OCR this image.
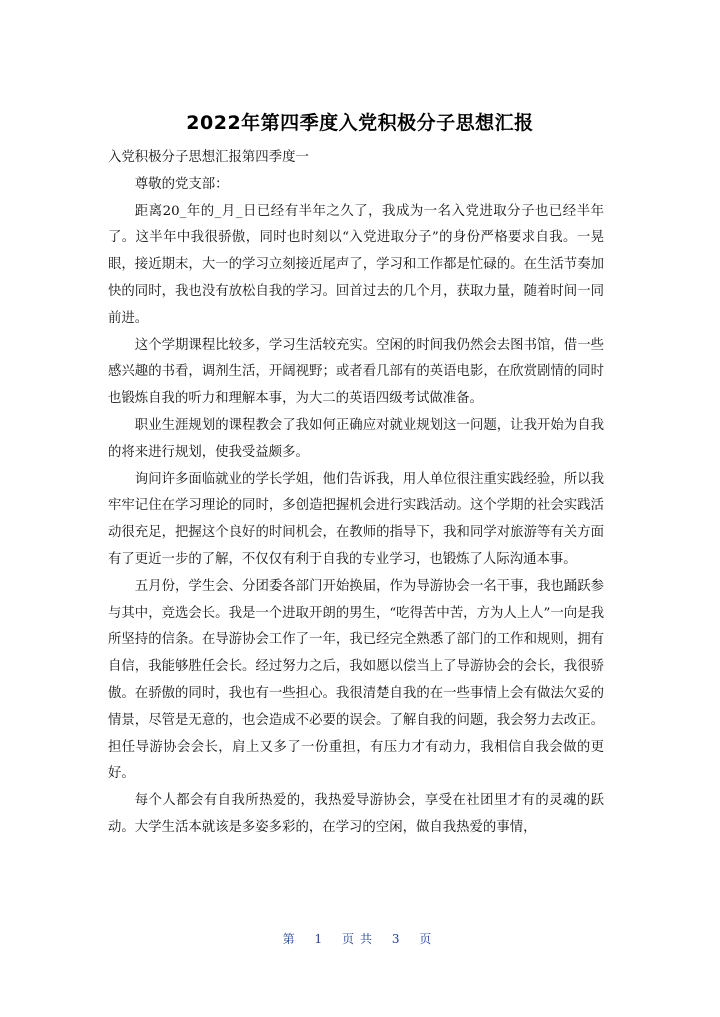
2022年第四季度入党积极分子思想汇报

入党积极分子思想汇报第四季度一

尊敬的党支部：

距离20_年的_月_日已经有半年之久了，我成为一名入党进取分子也已经半年了。这半年中我很骄傲，同时也时刻以“入党进取分子”的身份严格要求自我。一晃眼，接近期末，大一的学习立刻接近尾声了，学习和工作都是忙碌的。在生活节奏加快的同时，我也没有放松自我的学习。回首过去的几个月，获取力量，随着时间一同前进。

这个学期课程比较多，学习生活较充实。空闲的时间我仍然会去图书馆，借一些感兴趣的书看，调剂生活，开阔视野；或者看几部有的英语电影，在欣赏剧情的同时也锻炼自我的听力和理解本事，为大二的英语四级考试做准备。

职业生涯规划的课程教会了我如何正确应对就业规划这一问题，让我开始为自我的将来进行规划，使我受益颇多。

询问许多面临就业的学长学姐，他们告诉我，用人单位很注重实践经验，所以我牢牢记住在学习理论的同时，多创造把握机会进行实践活动。这个学期的社会实践活动很充足，把握这个良好的时间机会，在教师的指导下，我和同学对旅游等有关方面有了更近一步的了解，不仅仅有利于自我的专业学习，也锻炼了人际沟通本事。

五月份，学生会、分团委各部门开始换届，作为导游协会一名干事，我也踊跃参与其中，竞选会长。我是一个进取开朗的男生，“吃得苦中苦，方为人上人”一向是我所坚持的信条。在导游协会工作了一年，我已经完全熟悉了部门的工作和规则，拥有自信，我能够胜任会长。经过努力之后，我如愿以偿当上了导游协会的会长，我很骄傲。在骄傲的同时，我也有一些担心。我很清楚自我的在一些事情上会有做法欠妥的情景，尽管是无意的，也会造成不必要的误会。了解自我的问题，我会努力去改正。担任导游协会会长，肩上又多了一份重担，有压力才有动力，我相信自我会做的更好。

每个人都会有自我所热爱的，我热爱导游协会，享受在社团里才有的灵魂的跃动。大学生活本就该是多姿多彩的，在学习的空闲，做自我热爱的事情，

第 1 页共 3 页
